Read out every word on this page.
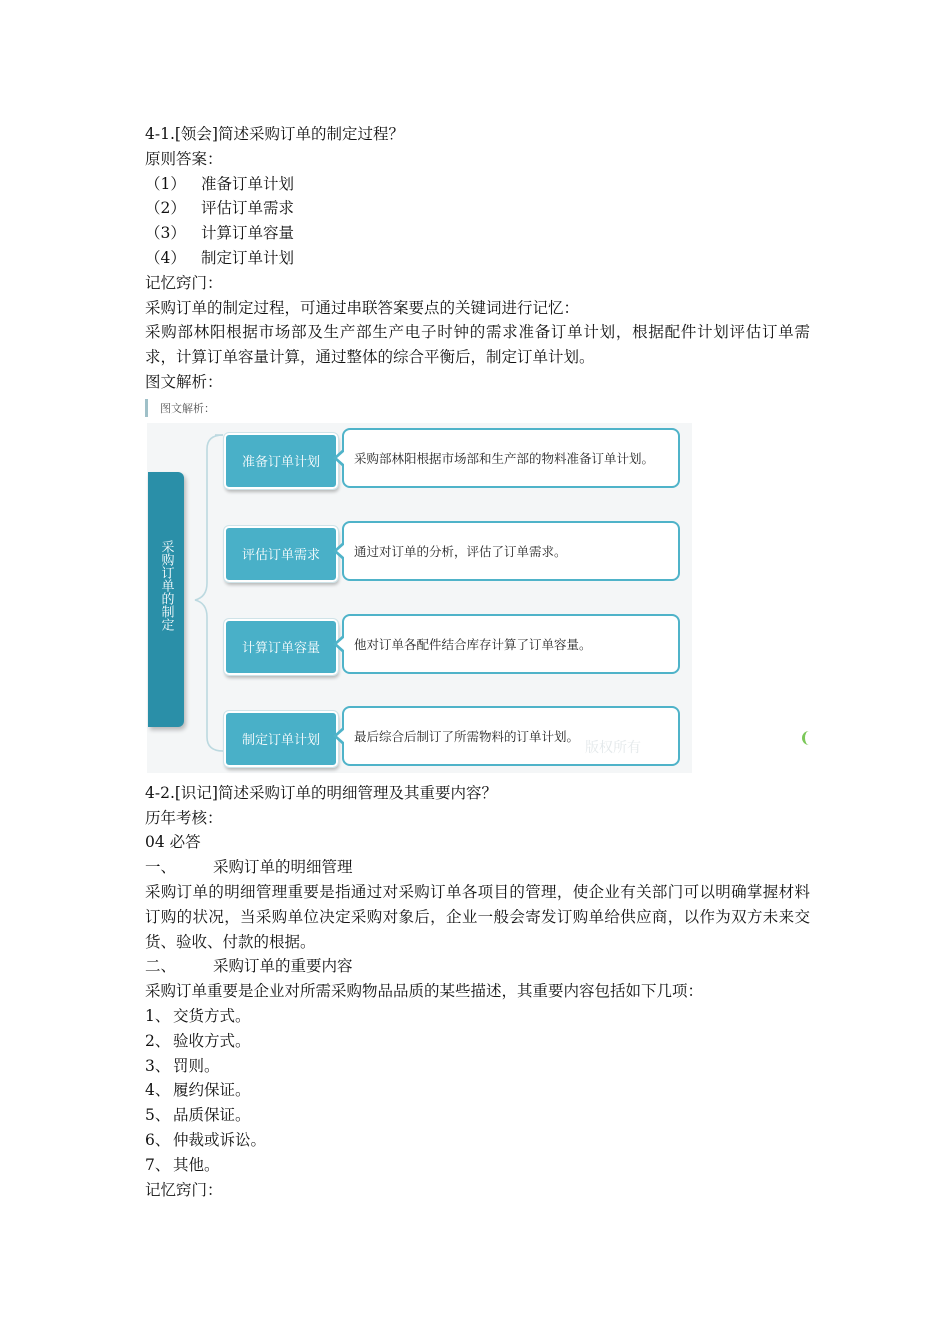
4-1.[领会]简述采购订单的制定过程？
原则答案：
（1） 准备订单计划
（2） 评估订单需求
（3） 计算订单容量
（4） 制定订单计划
记忆窍门：
采购订单的制定过程，可通过串联答案要点的关键词进行记忆：
采购部林阳根据市场部及生产部生产电子时钟的需求准备订单计划，根据配件计划评估订单需求，计算订单容量计算，通过整体的综合平衡后，制定订单计划。
图文解析：
图文解析：
采购订单的制定
准备订单计划	采购部林阳根据市场部和生产部的物料准备订单计划。
评估订单需求	通过对订单的分析，评估了订单需求。
计算订单容量	他对订单各配件结合库存计算了订单容量。
制定订单计划	最后综合后制订了所需物料的订单计划。
版权所有
4-2.[识记]简述采购订单的明细管理及其重要内容？
历年考核：
04 必答
一、 采购订单的明细管理
采购订单的明细管理重要是指通过对采购订单各项目的管理，使企业有关部门可以明确掌握材料订购的状况，当采购单位决定采购对象后，企业一般会寄发订购单给供应商，以作为双方未来交货、验收、付款的根据。
二、 采购订单的重要内容
采购订单重要是企业对所需采购物品品质的某些描述，其重要内容包括如下几项：
1、 交货方式。
2、 验收方式。
3、 罚则。
4、 履约保证。
5、 品质保证。
6、 仲裁或诉讼。
7、 其他。
记忆窍门：
